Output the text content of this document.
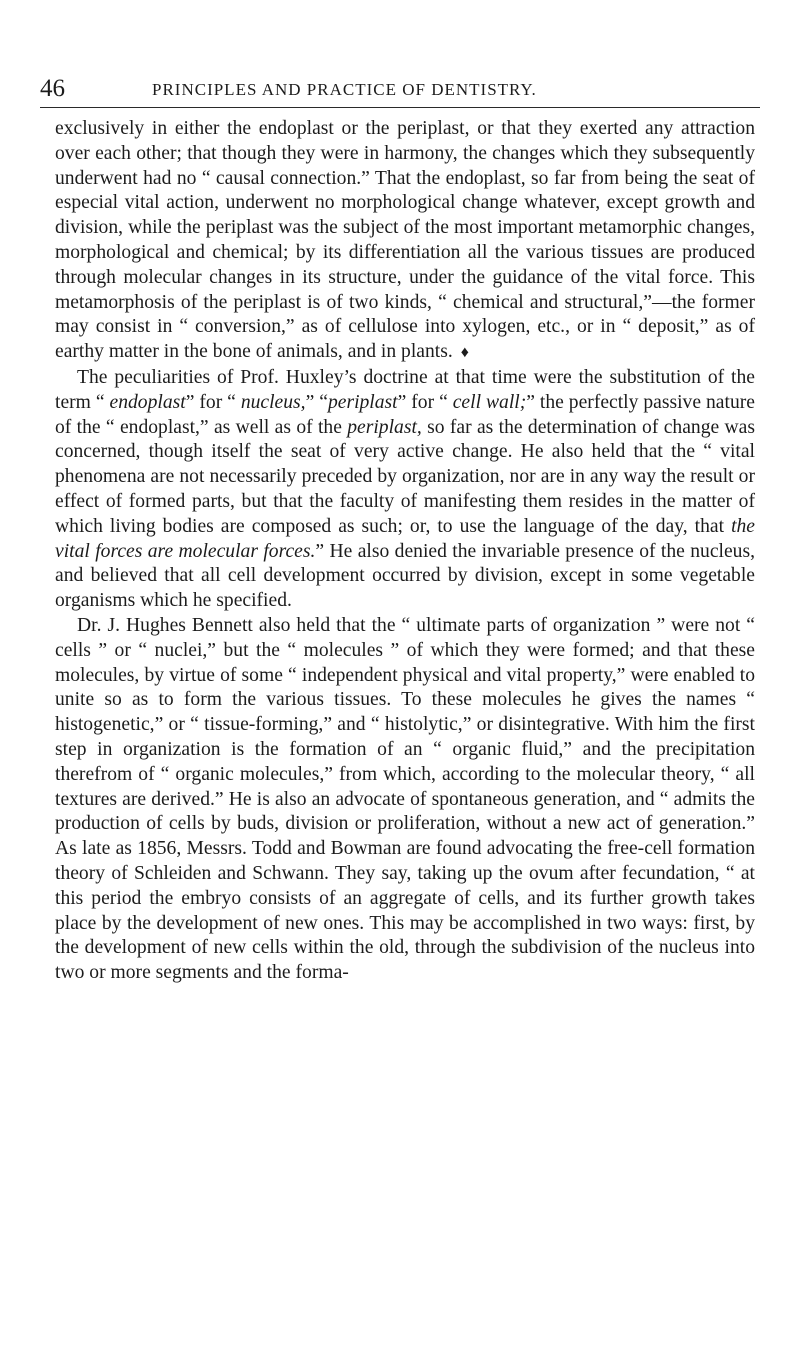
46	PRINCIPLES AND PRACTICE OF DENTISTRY.

exclusively in either the endoplast or the periplast, or that they exerted any attraction over each other; that though they were in harmony, the changes which they subsequently underwent had no “ causal connection.” That the endoplast, so far from being the seat of especial vital action, underwent no morphological change whatever, except growth and division, while the periplast was the subject of the most important metamorphic changes, morphological and chemical; by its differentiation all the various tissues are produced through molecular changes in its structure, under the guidance of the vital force. This metamorphosis of the periplast is of two kinds, “ chemical and structural,”—the former may consist in “ conversion,” as of cellulose into xylogen, etc., or in “ deposit,” as of earthy matter in the bone of animals, and in plants. ♦

The peculiarities of Prof. Huxley’s doctrine at that time were the substitution of the term “ endoplast” for “ nucleus,” “periplast” for “ cell wall;” the perfectly passive nature of the “ endoplast,” as well as of the periplast, so far as the determination of change was concerned, though itself the seat of very active change. He also held that the “ vital phenomena are not necessarily preceded by organization, nor are in any way the result or effect of formed parts, but that the faculty of manifesting them resides in the matter of which living bodies are composed as such; or, to use the language of the day, that the vital forces are molecular forces.” He also denied the invariable presence of the nucleus, and believed that all cell development occurred by division, except in some vegetable organisms which he specified.

Dr. J. Hughes Bennett also held that the “ ultimate parts of organization ” were not “ cells ” or “ nuclei,” but the “ molecules ” of which they were formed; and that these molecules, by virtue of some “ independent physical and vital property,” were enabled to unite so as to form the various tissues. To these molecules he gives the names “ histogenetic,” or “ tissue-forming,” and “ histolytic,” or disintegrative. With him the first step in organization is the formation of an “ organic fluid,” and the precipitation therefrom of “ organic molecules,” from which, according to the molecular theory, “ all textures are derived.” He is also an advocate of spontaneous generation, and “ admits the production of cells by buds, division or proliferation, without a new act of generation.” As late as 1856, Messrs. Todd and Bowman are found advocating the free-cell formation theory of Schleiden and Schwann. They say, taking up the ovum after fecundation, “ at this period the embryo consists of an aggregate of cells, and its further growth takes place by the development of new ones. This may be accomplished in two ways: first, by the development of new cells within the old, through the subdivision of the nucleus into two or more segments and the forma-
